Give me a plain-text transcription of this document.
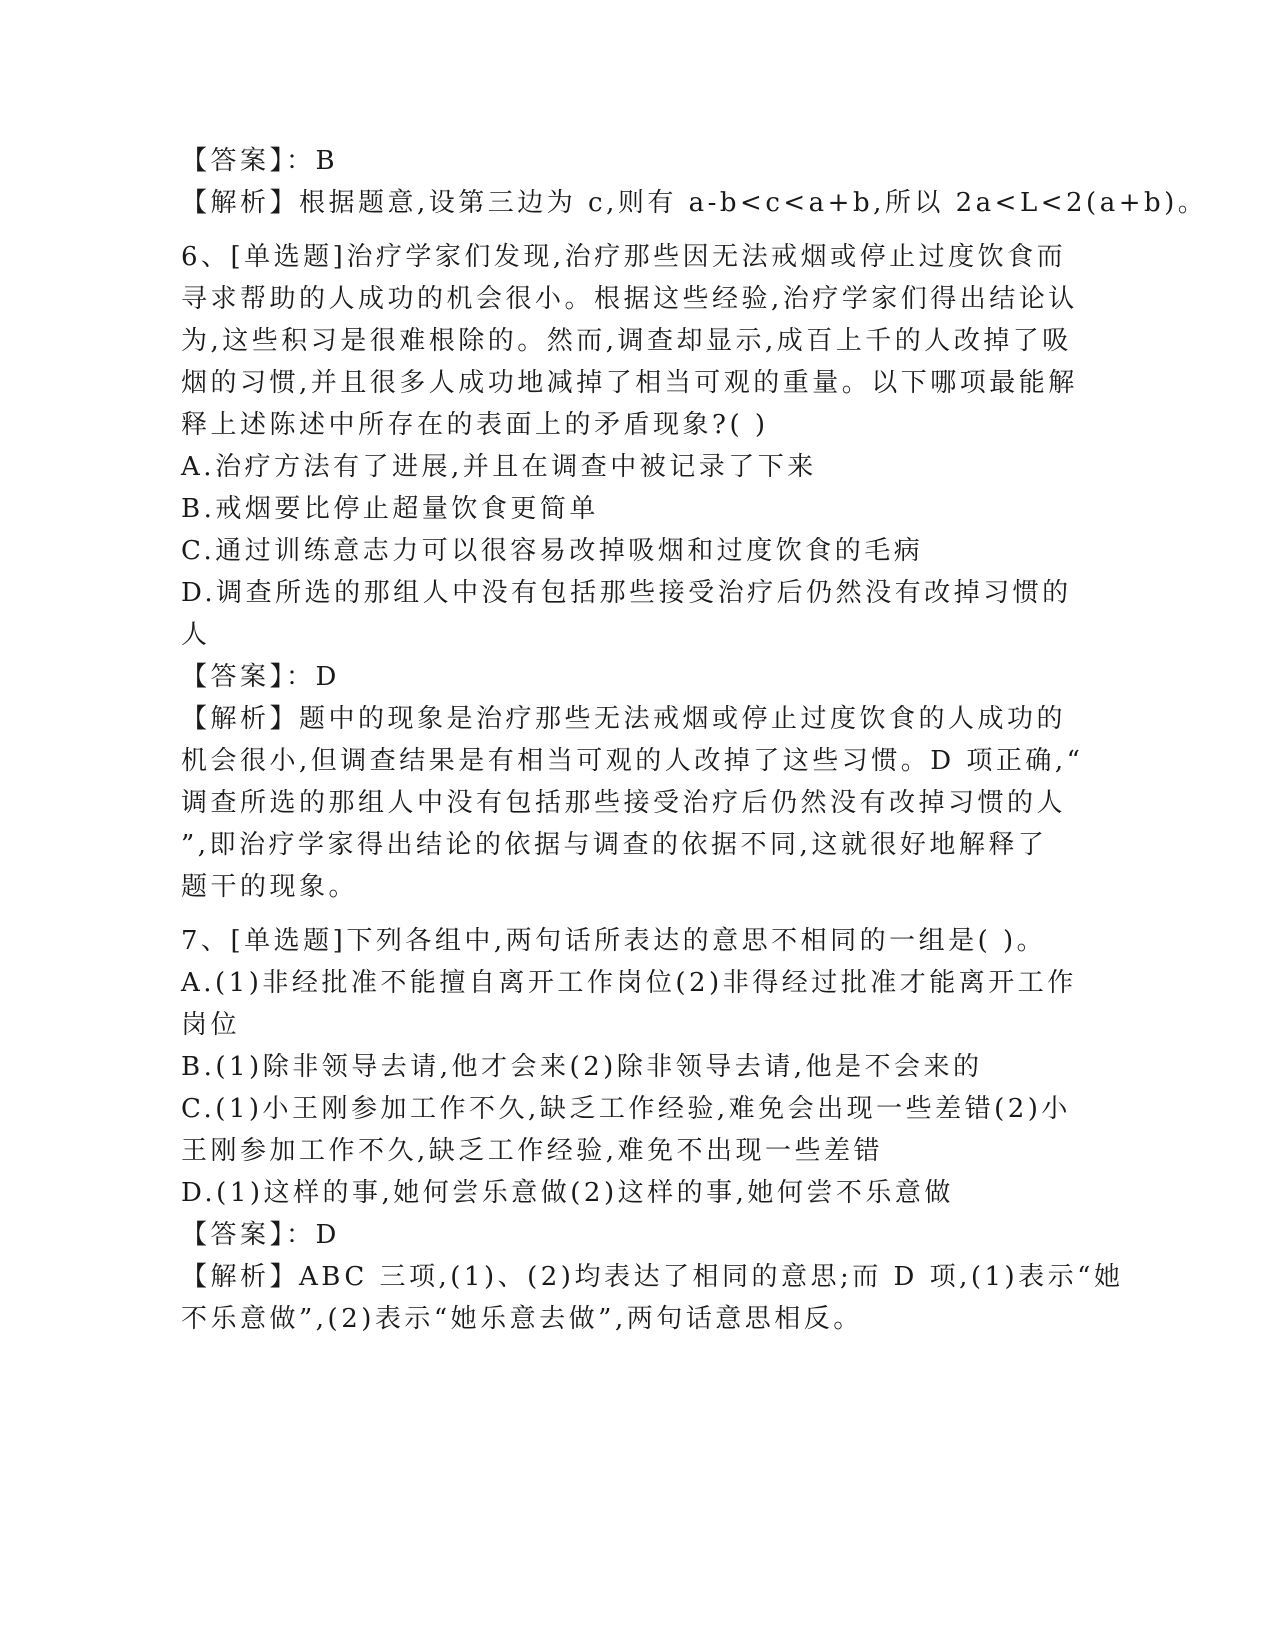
【答案】：B
【解析】根据题意,设第三边为 c,则有 a-b<c<a+b,所以 2a<L<2(a+b)。
6、[单选题]治疗学家们发现,治疗那些因无法戒烟或停止过度饮食而
寻求帮助的人成功的机会很小。根据这些经验,治疗学家们得出结论认
为,这些积习是很难根除的。然而,调查却显示,成百上千的人改掉了吸
烟的习惯,并且很多人成功地减掉了相当可观的重量。以下哪项最能解
释上述陈述中所存在的表面上的矛盾现象?( )
A.治疗方法有了进展,并且在调查中被记录了下来
B.戒烟要比停止超量饮食更简单
C.通过训练意志力可以很容易改掉吸烟和过度饮食的毛病
D.调查所选的那组人中没有包括那些接受治疗后仍然没有改掉习惯的
人
【答案】：D
【解析】题中的现象是治疗那些无法戒烟或停止过度饮食的人成功的
机会很小,但调查结果是有相当可观的人改掉了这些习惯。D 项正确,“
调查所选的那组人中没有包括那些接受治疗后仍然没有改掉习惯的人
”,即治疗学家得出结论的依据与调查的依据不同,这就很好地解释了
题干的现象。
7、[单选题]下列各组中,两句话所表达的意思不相同的一组是( )。
A.(1)非经批准不能擅自离开工作岗位(2)非得经过批准才能离开工作
岗位
B.(1)除非领导去请,他才会来(2)除非领导去请,他是不会来的
C.(1)小王刚参加工作不久,缺乏工作经验,难免会出现一些差错(2)小
王刚参加工作不久,缺乏工作经验,难免不出现一些差错
D.(1)这样的事,她何尝乐意做(2)这样的事,她何尝不乐意做
【答案】：D
【解析】ABC 三项,(1)、(2)均表达了相同的意思;而 D 项,(1)表示“她
不乐意做”,(2)表示“她乐意去做”,两句话意思相反。
